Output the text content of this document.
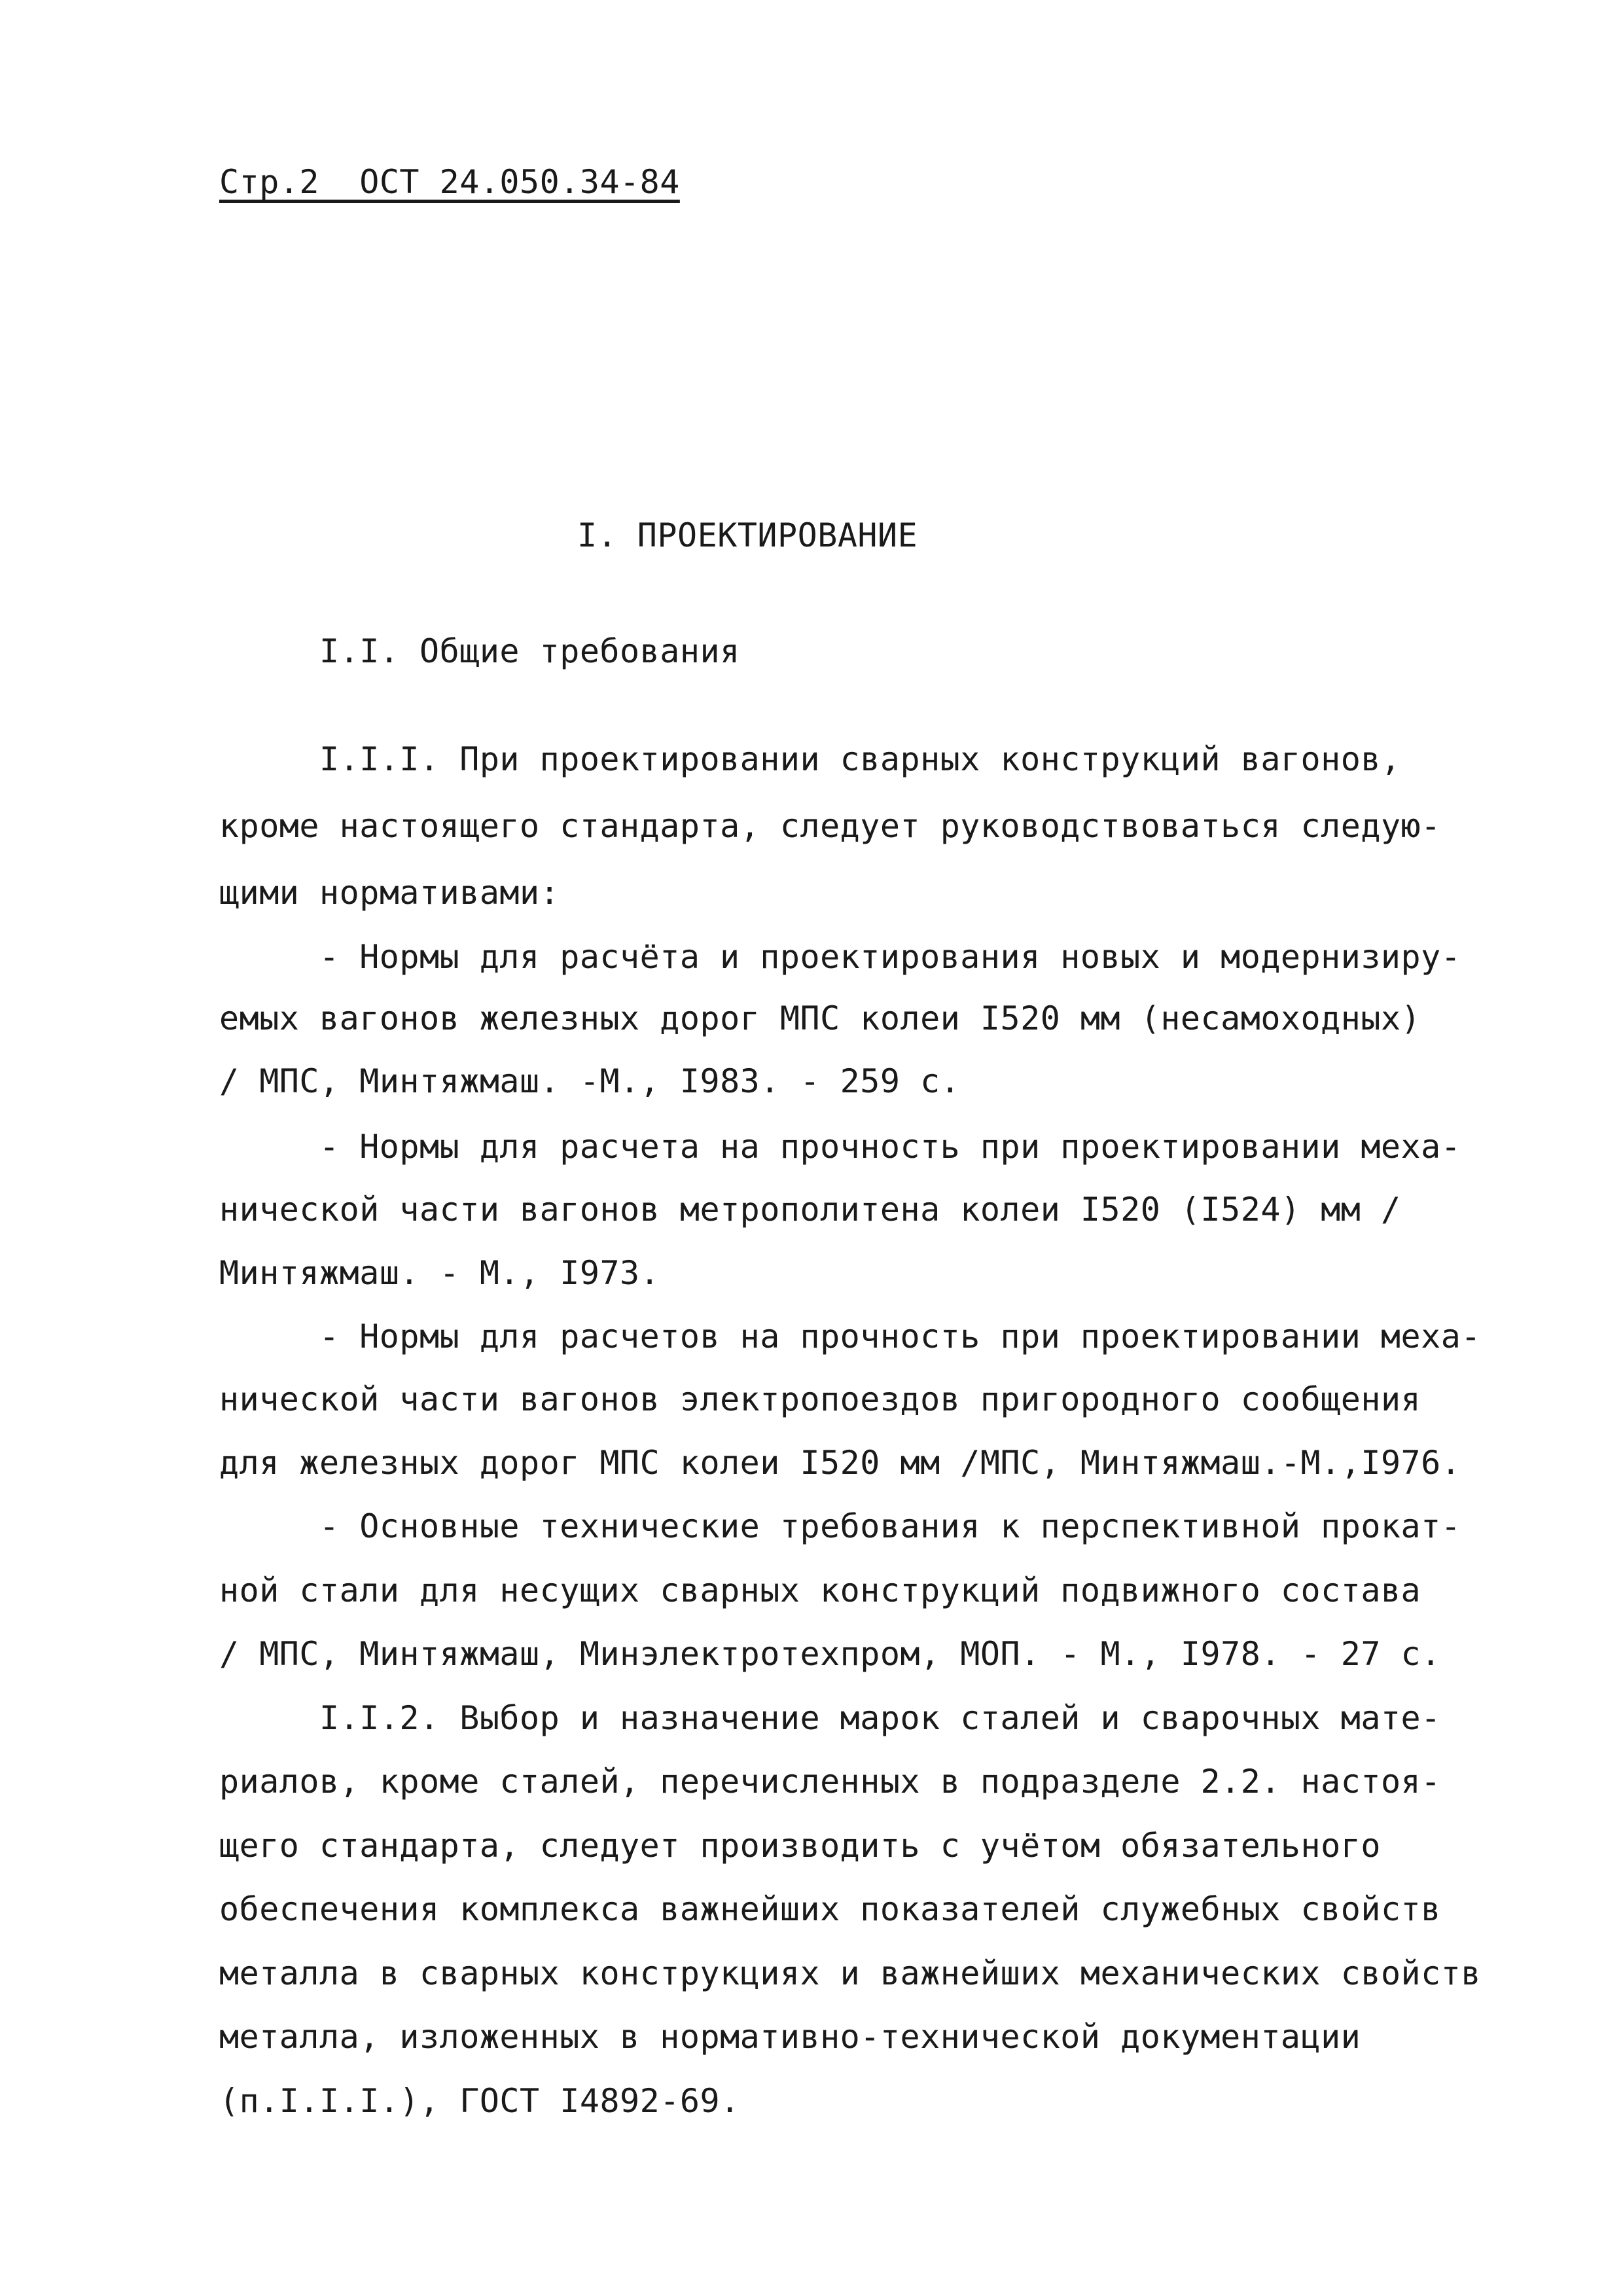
Стр.2  ОСТ 24.050.34-84
I. ПРОЕКТИРОВАНИЕ
I.I. Общие требования
I.I.I. При проектировании сварных конструкций вагонов,
кроме настоящего стандарта, следует руководствоваться следую-
щими нормативами:
- Нормы для расчёта и проектирования новых и модернизиру-
емых вагонов железных дорог МПС колеи I520 мм (несамоходных)
/ МПС, Минтяжмаш. -М., I983. - 259 с.
- Нормы для расчета на прочность при проектировании меха-
нической части вагонов метрополитена колеи I520 (I524) мм /
Минтяжмаш. - М., I973.
- Нормы для расчетов на прочность при проектировании меха-
нической части вагонов электропоездов пригородного сообщения
для железных дорог МПС колеи I520 мм /МПС, Минтяжмаш.-М.,I976.
- Основные технические требования к перспективной прокат-
ной стали для несущих сварных конструкций подвижного состава
/ МПС, Минтяжмаш, Минэлектротехпром, МОП. - М., I978. - 27 с.
I.I.2. Выбор и назначение марок сталей и сварочных мате-
риалов, кроме сталей, перечисленных в подразделе 2.2. настоя-
щего стандарта, следует производить с учётом обязательного
обеспечения комплекса важнейших показателей служебных свойств
металла в сварных конструкциях и важнейших механических свойств
металла, изложенных в нормативно-технической документации
(п.I.I.I.), ГОСТ I4892-69.
